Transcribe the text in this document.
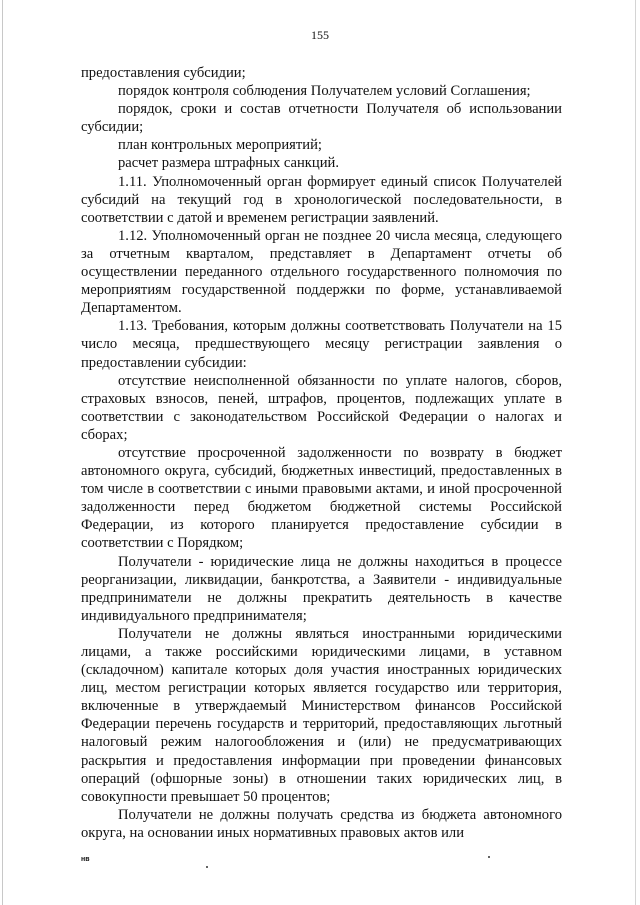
155

предоставления субсидии;

порядок контроля соблюдения Получателем условий Соглашения;

порядок, сроки и состав отчетности Получателя об использовании субсидии;

план контрольных мероприятий;

расчет размера штрафных санкций.

1.11. Уполномоченный орган формирует единый список Получателей субсидий на текущий год в хронологической последовательности, в соответствии с датой и временем регистрации заявлений.

1.12. Уполномоченный орган не позднее 20 числа месяца, следующего за отчетным кварталом, представляет в Департамент отчеты об осуществлении переданного отдельного государственного полномочия по мероприятиям государственной поддержки по форме, устанавливаемой Департаментом.

1.13. Требования, которым должны соответствовать Получатели на 15 число месяца, предшествующего месяцу регистрации заявления о предоставлении субсидии:

отсутствие неисполненной обязанности по уплате налогов, сборов, страховых взносов, пеней, штрафов, процентов, подлежащих уплате в соответствии с законодательством Российской Федерации о налогах и сборах;

отсутствие просроченной задолженности по возврату в бюджет автономного округа, субсидий, бюджетных инвестиций, предоставленных в том числе в соответствии с иными правовыми актами, и иной просроченной задолженности перед бюджетом бюджетной системы Российской Федерации, из которого планируется предоставление субсидии в соответствии с Порядком;

Получатели - юридические лица не должны находиться в процессе реорганизации, ликвидации, банкротства, а Заявители - индивидуальные предприниматели не должны прекратить деятельность в качестве индивидуального предпринимателя;

Получатели не должны являться иностранными юридическими лицами, а также российскими юридическими лицами, в уставном (складочном) капитале которых доля участия иностранных юридических лиц, местом регистрации которых является государство или территория, включенные в утверждаемый Министерством финансов Российской Федерации перечень государств и территорий, предоставляющих льготный налоговый режим налогообложения и (или) не предусматривающих раскрытия и предоставления информации при проведении финансовых операций (офшорные зоны) в отношении таких юридических лиц, в совокупности превышает 50 процентов;

Получатели не должны получать средства из бюджета автономного округа, на основании иных нормативных правовых актов или

нв
